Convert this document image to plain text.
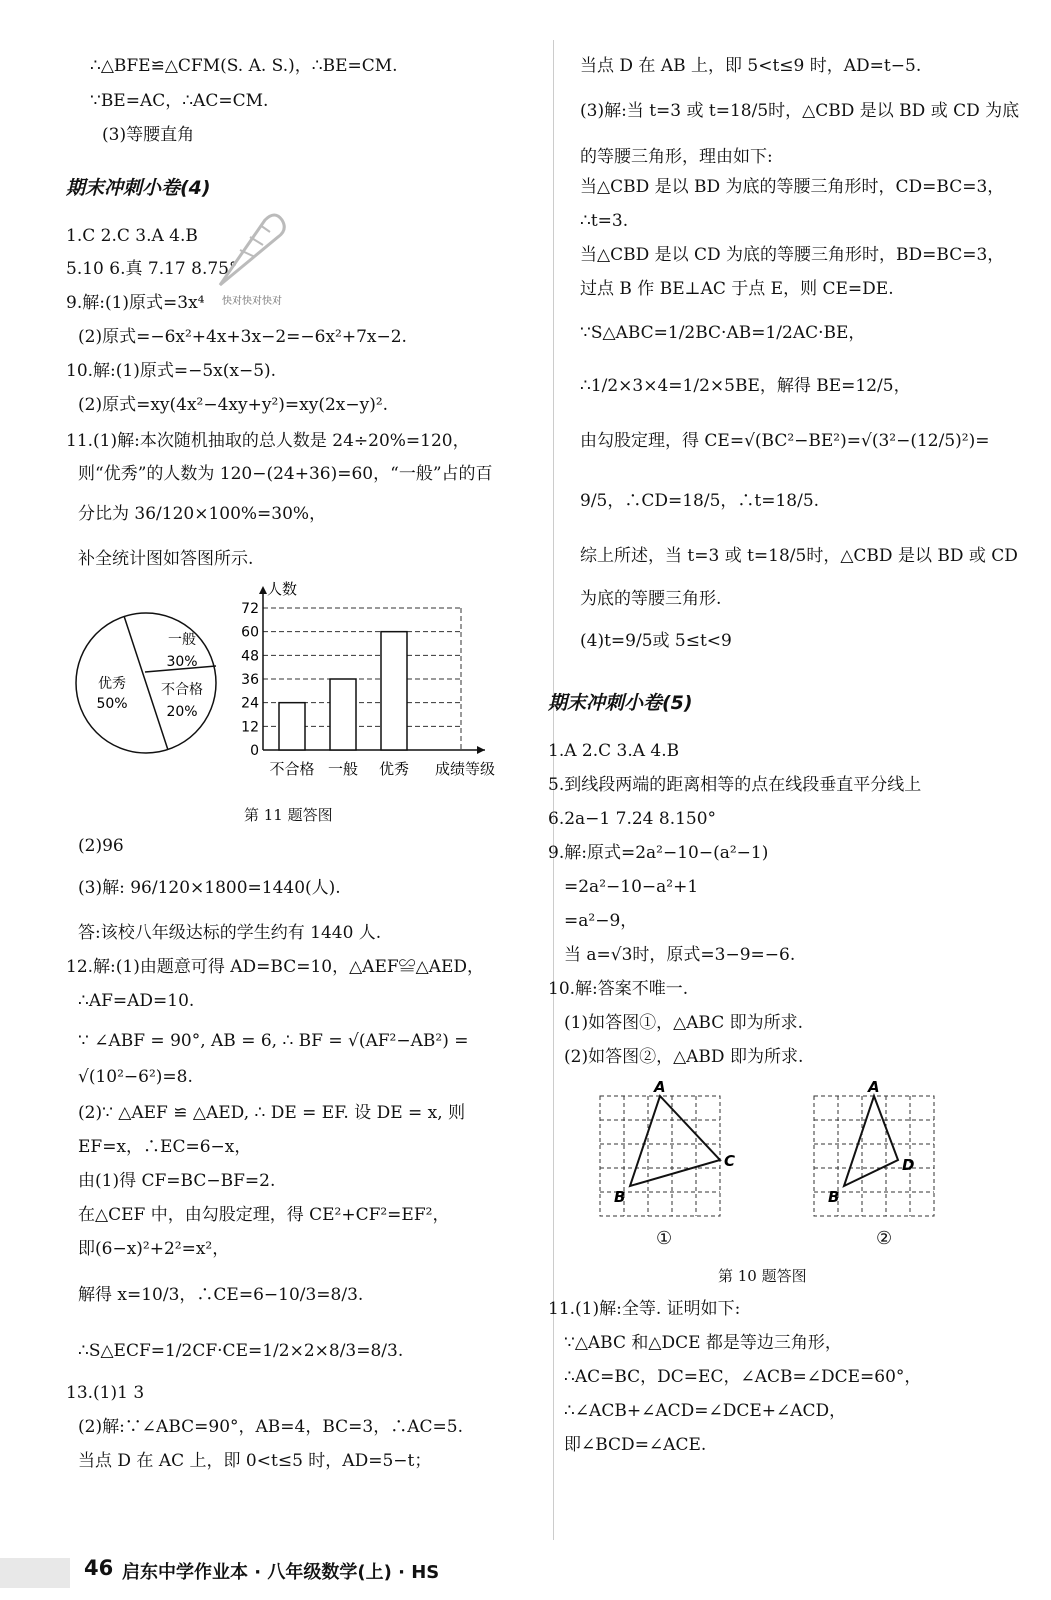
∴△BFE≌△CFM(S. A. S.)，∴BE=CM.
∵BE=AC，∴AC=CM.
(3)等腰直角
期末冲刺小卷(4)
1.C 2.C 3.A 4.B
5.10 6.真 7.17 8.75°
9.解:(1)原式=3x⁴
(2)原式=−6x²+4x+3x−2=−6x²+7x−2.
10.解:(1)原式=−5x(x−5).
(2)原式=xy(4x²−4xy+y²)=xy(2x−y)².
11.(1)解:本次随机抽取的总人数是 24÷20%=120，
则“优秀”的人数为 120−(24+36)=60，“一般”占的百
分比为 36/120×100%=30%，
补全统计图如答图所示.
(2)96
(3)解: 96/120×1800=1440(人).
答:该校八年级达标的学生约有 1440 人.
12.解:(1)由题意可得 AD=BC=10，△AEF≌△AED，
∴AF=AD=10.
∵ ∠ABF = 90°, AB = 6, ∴ BF = √(AF²−AB²) =
√(10²−6²)=8.
(2)∵ △AEF ≌ △AED, ∴ DE = EF. 设 DE = x, 则
EF=x，∴EC=6−x，
由(1)得 CF=BC−BF=2.
在△CEF 中，由勾股定理，得 CE²+CF²=EF²，
即(6−x)²+2²=x²，
解得 x=10/3，∴CE=6−10/3=8/3.
∴S△ECF=1/2CF·CE=1/2×2×8/3=8/3.
13.(1)1 3
(2)解:∵∠ABC=90°，AB=4，BC=3，∴AC=5.
当点 D 在 AC 上，即 0<t≤5 时，AD=5−t；
快对快对快对
一般
30%
不合格
20%
优秀
50%
0
12
24
36
48
60
72
人数
成绩等级
不合格 一般 优秀
第 11 题答图
当点 D 在 AB 上，即 5<t≤9 时，AD=t−5.
(3)解:当 t=3 或 t=18/5时，△CBD 是以 BD 或 CD 为底
的等腰三角形，理由如下:
当△CBD 是以 BD 为底的等腰三角形时，CD=BC=3，
∴t=3.
当△CBD 是以 CD 为底的等腰三角形时，BD=BC=3，
过点 B 作 BE⊥AC 于点 E，则 CE=DE.
∵S△ABC=1/2BC·AB=1/2AC·BE，
∴1/2×3×4=1/2×5BE，解得 BE=12/5，
由勾股定理，得 CE=√(BC²−BE²)=√(3²−(12/5)²)=
9/5，∴CD=18/5，∴t=18/5.
综上所述，当 t=3 或 t=18/5时，△CBD 是以 BD 或 CD
为底的等腰三角形.
(4)t=9/5或 5≤t<9
期末冲刺小卷(5)
1.A 2.C 3.A 4.B
5.到线段两端的距离相等的点在线段垂直平分线上
6.2a−1 7.24 8.150°
9.解:原式=2a²−10−(a²−1)
=2a²−10−a²+1
=a²−9，
当 a=√3时，原式=3−9=−6.
10.解:答案不唯一.
(1)如答图①，△ABC 即为所求.
(2)如答图②，△ABD 即为所求.
11.(1)解:全等. 证明如下:
∵△ABC 和△DCE 都是等边三角形，
∴AC=BC，DC=EC，∠ACB=∠DCE=60°，
∴∠ACB+∠ACD=∠DCE+∠ACD，
即∠BCD=∠ACE.
A
C
B
①
A
D
B
②
第 10 题答图
46 启东中学作业本 · 八年级数学(上) · HS
